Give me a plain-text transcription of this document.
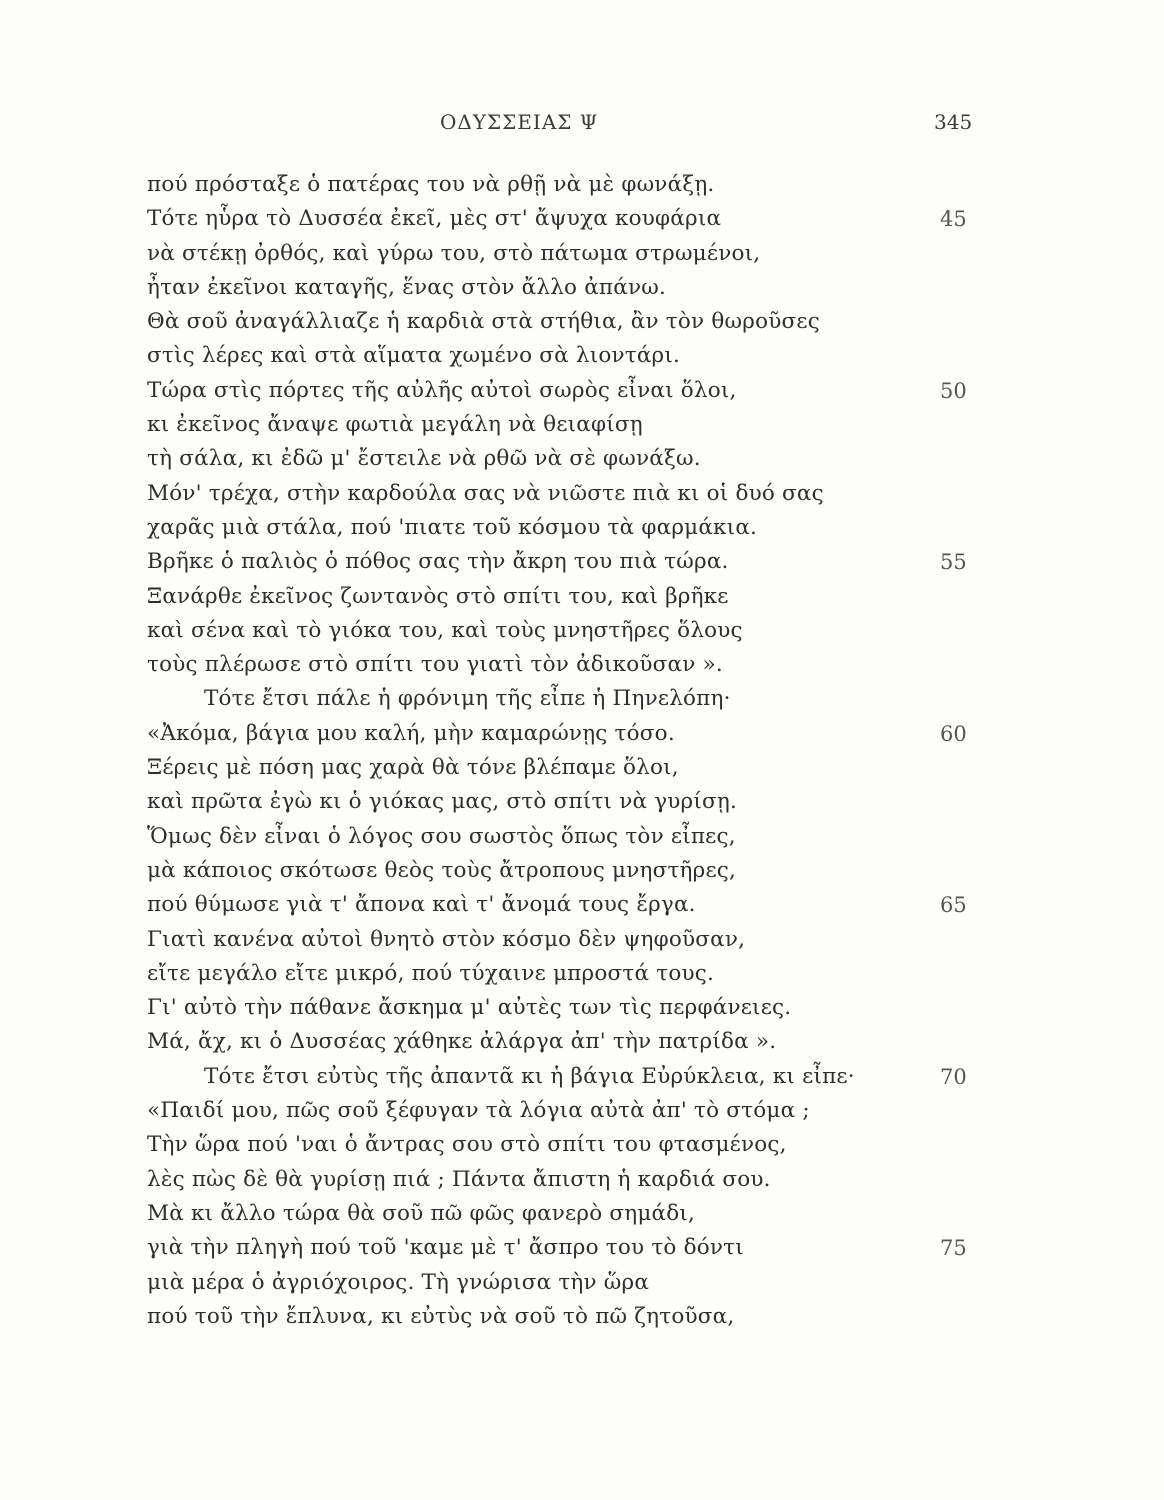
ΟΔΥΣΣΕΙΑΣ Ψ	345
πού πρόσταξε ὁ πατέρας του νὰ ρθῇ νὰ μὲ φωνάξῃ.
Τότε ηὗρα τὸ Δυσσέα ἐκεῖ, μὲς στ' ἄψυχα κουφάρια	45
νὰ στέκῃ ὀρθός, καὶ γύρω του, στὸ πάτωμα στρωμένοι,
ἦταν ἐκεῖνοι καταγῆς, ἕνας στὸν ἄλλο ἀπάνω.
Θὰ σοῦ ἀναγάλλιαζε ἡ καρδιὰ στὰ στήθια, ἂν τὸν θωροῦσες
στὶς λέρες καὶ στὰ αἵματα χωμένο σὰ λιοντάρι.
Τώρα στὶς πόρτες τῆς αὐλῆς αὐτοὶ σωρὸς εἶναι ὅλοι,	50
κι ἐκεῖνος ἄναψε φωτιὰ μεγάλη νὰ θειαφίσῃ
τὴ σάλα, κι ἐδῶ μ' ἔστειλε νὰ ρθῶ νὰ σὲ φωνάξω.
Μόν' τρέχα, στὴν καρδούλα σας νὰ νιῶστε πιὰ κι οἱ δυό σας
χαρᾶς μιὰ στάλα, πού 'πιατε τοῦ κόσμου τὰ φαρμάκια.
Βρῆκε ὁ παλιὸς ὁ πόθος σας τὴν ἄκρη του πιὰ τώρα.	55
Ξανάρθε ἐκεῖνος ζωντανὸς στὸ σπίτι του, καὶ βρῆκε
καὶ σένα καὶ τὸ γιόκα του, καὶ τοὺς μνηστῆρες ὅλους
τοὺς πλέρωσε στὸ σπίτι του γιατὶ τὸν ἀδικοῦσαν ».
Τότε ἔτσι πάλε ἡ φρόνιμη τῆς εἶπε ἡ Πηνελόπη·
«Ἀκόμα, βάγια μου καλή, μὴν καμαρώνῃς τόσο.	60
Ξέρεις μὲ πόση μας χαρὰ θὰ τόνε βλέπαμε ὅλοι,
καὶ πρῶτα ἐγὼ κι ὁ γιόκας μας, στὸ σπίτι νὰ γυρίσῃ.
Ὅμως δὲν εἶναι ὁ λόγος σου σωστὸς ὅπως τὸν εἶπες,
μὰ κάποιος σκότωσε θεὸς τοὺς ἄτροπους μνηστῆρες,
πού θύμωσε γιὰ τ' ἄπονα καὶ τ' ἄνομά τους ἔργα.	65
Γιατὶ κανένα αὐτοὶ θνητὸ στὸν κόσμο δὲν ψηφοῦσαν,
εἴτε μεγάλο εἴτε μικρό, πού τύχαινε μπροστά τους.
Γι' αὐτὸ τὴν πάθανε ἄσκημα μ' αὐτὲς των τὶς περφάνειες.
Μά, ἄχ, κι ὁ Δυσσέας χάθηκε ἀλάργα ἀπ' τὴν πατρίδα ».
Τότε ἔτσι εὐτὺς τῆς ἀπαντᾶ κι ἡ βάγια Εὐρύκλεια, κι εἶπε·	70
«Παιδί μου, πῶς σοῦ ξέφυγαν τὰ λόγια αὐτὰ ἀπ' τὸ στόμα ;
Τὴν ὥρα πού 'ναι ὁ ἄντρας σου στὸ σπίτι του φτασμένος,
λὲς πὼς δὲ θὰ γυρίσῃ πιά ; Πάντα ἄπιστη ἡ καρδιά σου.
Μὰ κι ἄλλο τώρα θὰ σοῦ πῶ φῶς φανερὸ σημάδι,
γιὰ τὴν πληγὴ πού τοῦ 'καμε μὲ τ' ἄσπρο του τὸ δόντι	75
μιὰ μέρα ὁ ἀγριόχοιρος. Τὴ γνώρισα τὴν ὥρα
πού τοῦ τὴν ἔπλυνα, κι εὐτὺς νὰ σοῦ τὸ πῶ ζητοῦσα,
